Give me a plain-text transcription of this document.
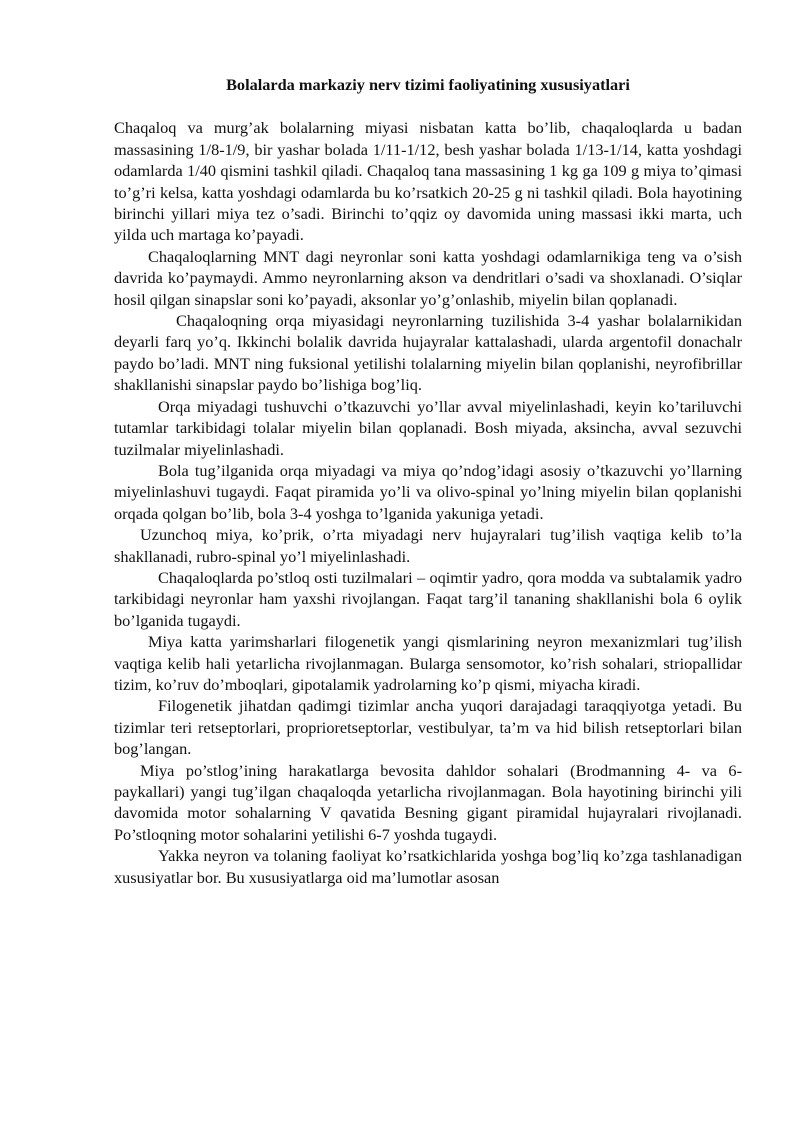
Bolalarda markaziy nerv tizimi faoliyatining xususiyatlari

Chaqaloq va murg’ak bolalarning miyasi nisbatan katta bo’lib, chaqaloqlarda u badan massasining 1/8-1/9, bir yashar bolada 1/11-1/12, besh yashar bolada 1/13-1/14, katta yoshdagi odamlarda 1/40 qismini tashkil qiladi. Chaqaloq tana massasining 1 kg ga 109 g miya to’qimasi to’g’ri kelsa, katta yoshdagi odamlarda bu ko’rsatkich 20-25 g ni tashkil qiladi. Bola hayotining birinchi yillari miya tez o’sadi. Birinchi to’qqiz oy davomida uning massasi ikki marta, uch yilda uch martaga ko’payadi.

Chaqaloqlarning MNT dagi neyronlar soni katta yoshdagi odamlarnikiga teng va o’sish davrida ko’paymaydi. Ammo neyronlarning akson va dendritlari o’sadi va shoxlanadi. O’siqlar hosil qilgan sinapslar soni ko’payadi, aksonlar yo’g’onlashib, miyelin bilan qoplanadi.

Chaqaloqning orqa miyasidagi neyronlarning tuzilishida 3-4 yashar bolalarnikidan deyarli farq yo’q. Ikkinchi bolalik davrida hujayralar kattalashadi, ularda argentofil donachalr paydo bo’ladi. MNT ning fuksional yetilishi tolalarning miyelin bilan qoplanishi, neyrofibrillar shakllanishi sinapslar paydo bo’lishiga bog’liq.

Orqa miyadagi tushuvchi o’tkazuvchi yo’llar avval miyelinlashadi, keyin ko’tariluvchi tutamlar tarkibidagi tolalar miyelin bilan qoplanadi. Bosh miyada, aksincha, avval sezuvchi tuzilmalar miyelinlashadi.

Bola tug’ilganida orqa miyadagi va miya qo’ndog’idagi asosiy o’tkazuvchi yo’llarning miyelinlashuvi tugaydi. Faqat piramida yo’li va olivo-spinal yo’lning miyelin bilan qoplanishi orqada qolgan bo’lib, bola 3-4 yoshga to’lganida yakuniga yetadi.

Uzunchoq miya, ko’prik, o’rta miyadagi nerv hujayralari tug’ilish vaqtiga kelib to’la shakllanadi, rubro-spinal yo’l miyelinlashadi.

Chaqaloqlarda po’stloq osti tuzilmalari – oqimtir yadro, qora modda va subtalamik yadro tarkibidagi neyronlar ham yaxshi rivojlangan. Faqat targ’il tananing shakllanishi bola 6 oylik bo’lganida tugaydi.

Miya katta yarimsharlari filogenetik yangi qismlarining neyron mexanizmlari tug’ilish vaqtiga kelib hali yetarlicha rivojlanmagan. Bularga sensomotor, ko’rish sohalari, striopallidar tizim, ko’ruv do’mboqlari, gipotalamik yadrolarning ko’p qismi, miyacha kiradi.

Filogenetik jihatdan qadimgi tizimlar ancha yuqori darajadagi taraqqiyotga yetadi. Bu tizimlar teri retseptorlari, proprioretseptorlar, vestibulyar, ta’m va hid bilish retseptorlari bilan bog’langan.

Miya po’stlog’ining harakatlarga bevosita dahldor sohalari (Brodmanning 4- va 6-paykallari) yangi tug’ilgan chaqaloqda yetarlicha rivojlanmagan. Bola hayotining birinchi yili davomida motor sohalarning V qavatida Besning gigant piramidal hujayralari rivojlanadi. Po’stloqning motor sohalarini yetilishi 6-7 yoshda tugaydi.

Yakka neyron va tolaning faoliyat ko’rsatkichlarida yoshga bog’liq ko’zga tashlanadigan xususiyatlar bor. Bu xususiyatlarga oid ma’lumotlar asosan
